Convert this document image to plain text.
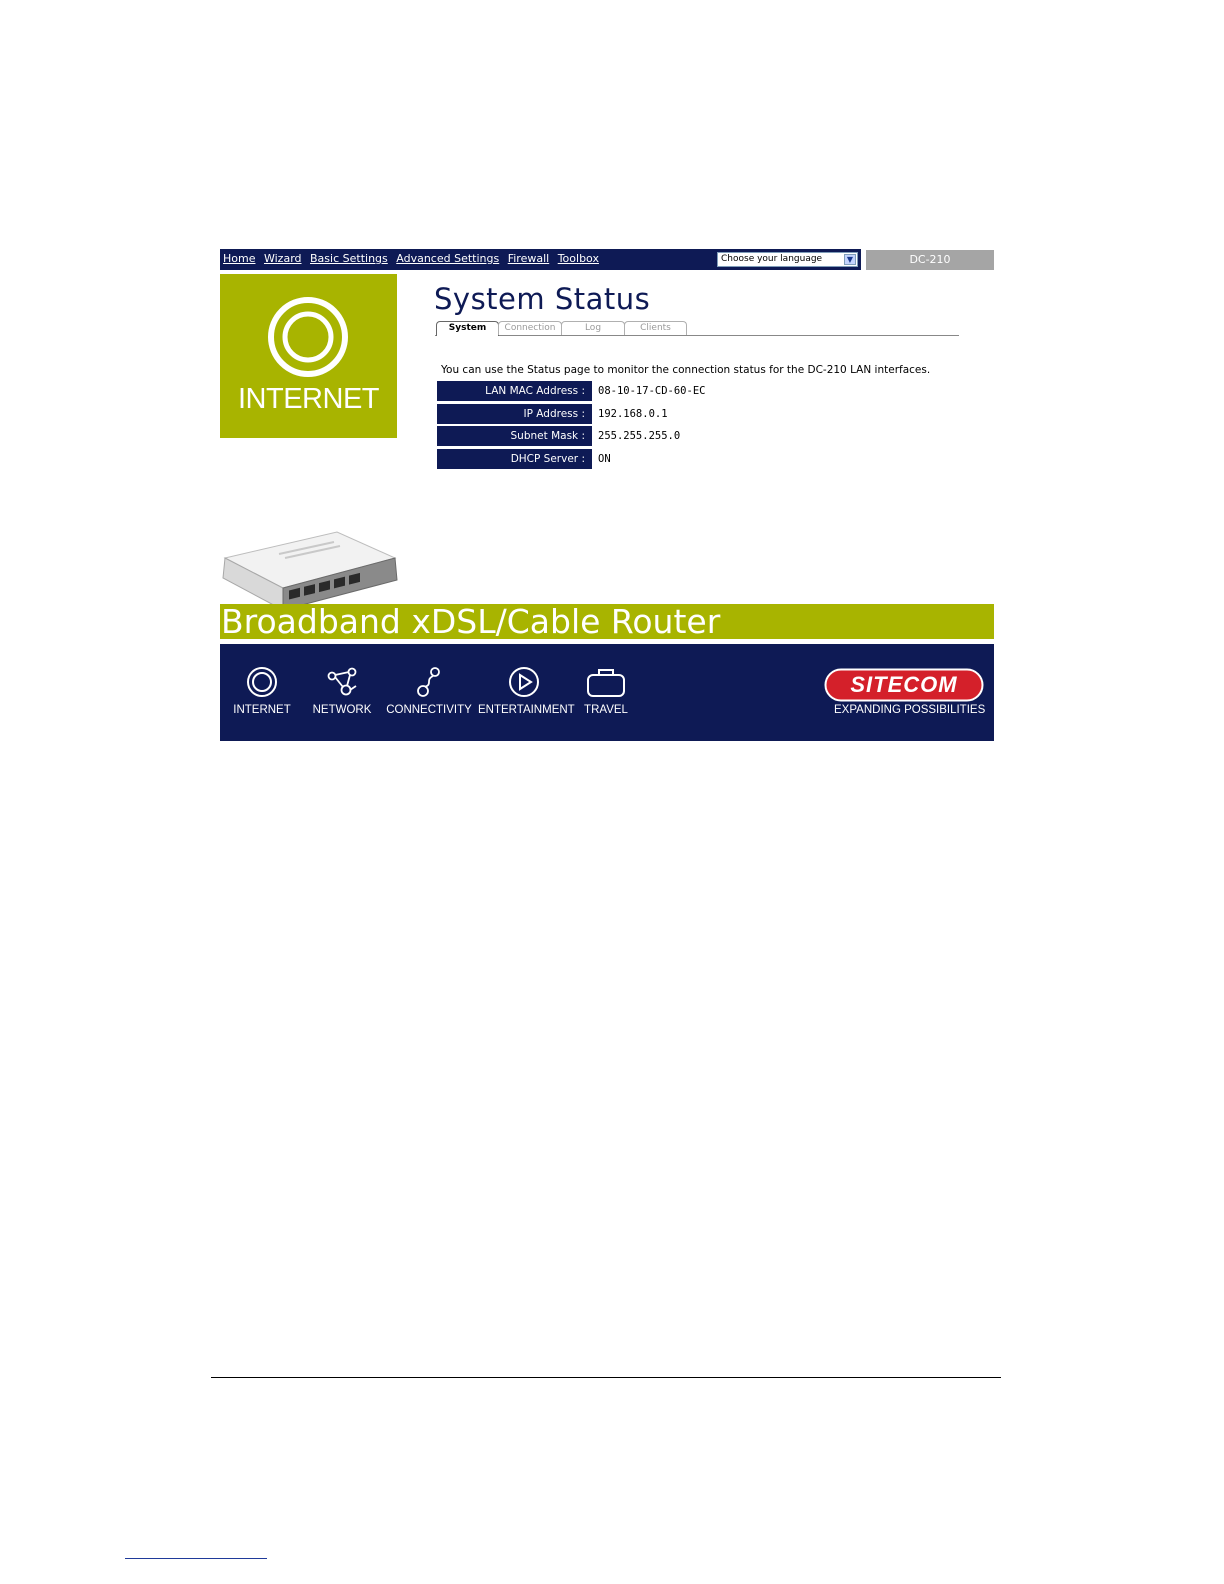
Home Wizard Basic Settings Advanced Settings Firewall Toolbox	Choose your language	▼	DC-210
INTERNET
System Status
System	Connection	Log	Clients
You can use the Status page to monitor the connection status for the DC-210 LAN interfaces.
LAN MAC Address :	08-10-17-CD-60-EC
IP Address :	192.168.0.1
Subnet Mask :	255.255.255.0
DHCP Server :	ON
Broadband xDSL/Cable Router
INTERNET	NETWORK	CONNECTIVITY ENTERTAINMENT TRAVEL
SITECOM
EXPANDING POSSIBILITIES
